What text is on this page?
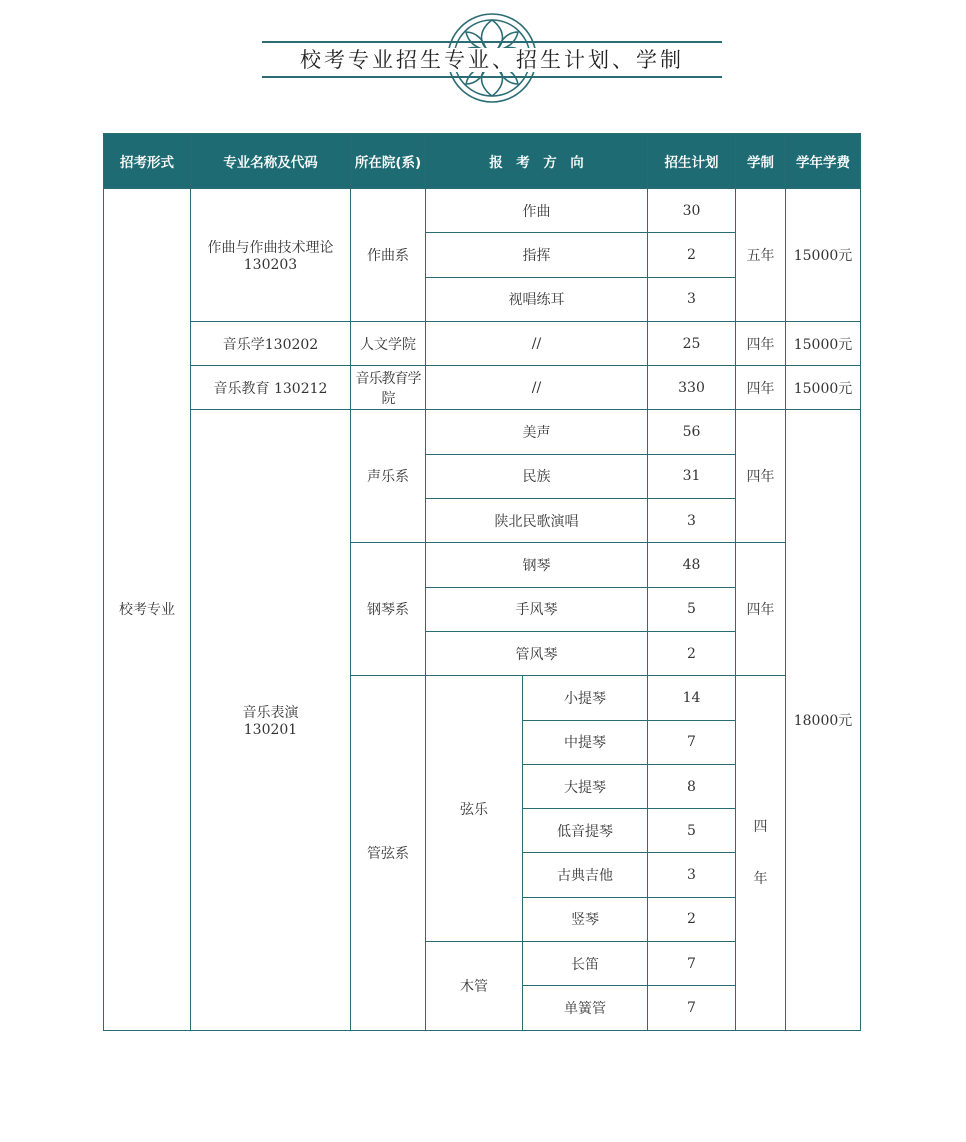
校考专业招生专业、招生计划、学制
招考形式	专业名称及代码	所在院(系)	报　考　方　向		招生计划	学制	学年学费
校考专业	作曲与作曲技术理论
130203	作曲系	作曲		30	五年	15000元
			指挥		2		
			视唱练耳		3		
	音乐学130202	人文学院	//		25	四年	15000元
	音乐教育 130212	音乐教育学院	//		330	四年	15000元

	音乐表演
130201	声乐系	美声		56	四年	18000元
			民族		31		
			陕北民歌演唱		3		
		钢琴系	钢琴		48	四年	
			手风琴		5		
			管风琴		2		
		管弦系	弦乐	小提琴	14	四
年	

				中提琴	7		
				大提琴	8		
				低音提琴	5		
				古典吉他	3		
				竖琴	2		
			木管	长笛	7		
				单簧管	7		
